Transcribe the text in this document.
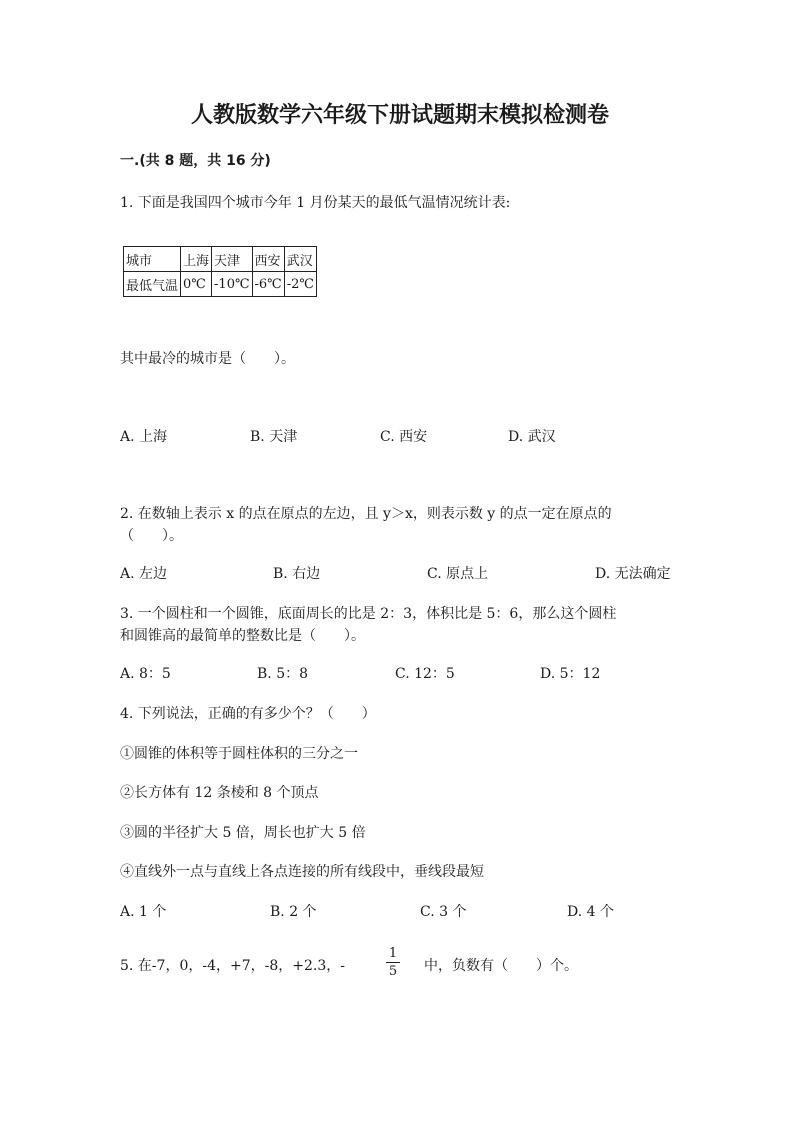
人教版数学六年级下册试题期末模拟检测卷
一.(共 8 题，共 16 分)
1. 下面是我国四个城市今年 1 月份某天的最低气温情况统计表:
城市	上海	天津	西安	武汉
最低气温	0℃	-10℃	-6℃	-2℃
其中最冷的城市是（　　）。
A. 上海	B. 天津	C. 西安	D. 武汉
2. 在数轴上表示 x 的点在原点的左边，且 y＞x，则表示数 y 的点一定在原点的
（　　）。
A. 左边	B. 右边	C. 原点上	D. 无法确定
3. 一个圆柱和一个圆锥，底面周长的比是 2：3，体积比是 5：6，那么这个圆柱
和圆锥高的最简单的整数比是（　　）。
A. 8：5	B. 5：8	C. 12：5	D. 5：12
4. 下列说法，正确的有多少个？（　　）
①圆锥的体积等于圆柱体积的三分之一
②长方体有 12 条棱和 8 个顶点
③圆的半径扩大 5 倍，周长也扩大 5 倍
④直线外一点与直线上各点连接的所有线段中，垂线段最短
A. 1 个	B. 2 个	C. 3 个	D. 4 个
5. 在-7，0，-4，+7，-8，+2.3，-
1
5 中，负数有（　　）个。
